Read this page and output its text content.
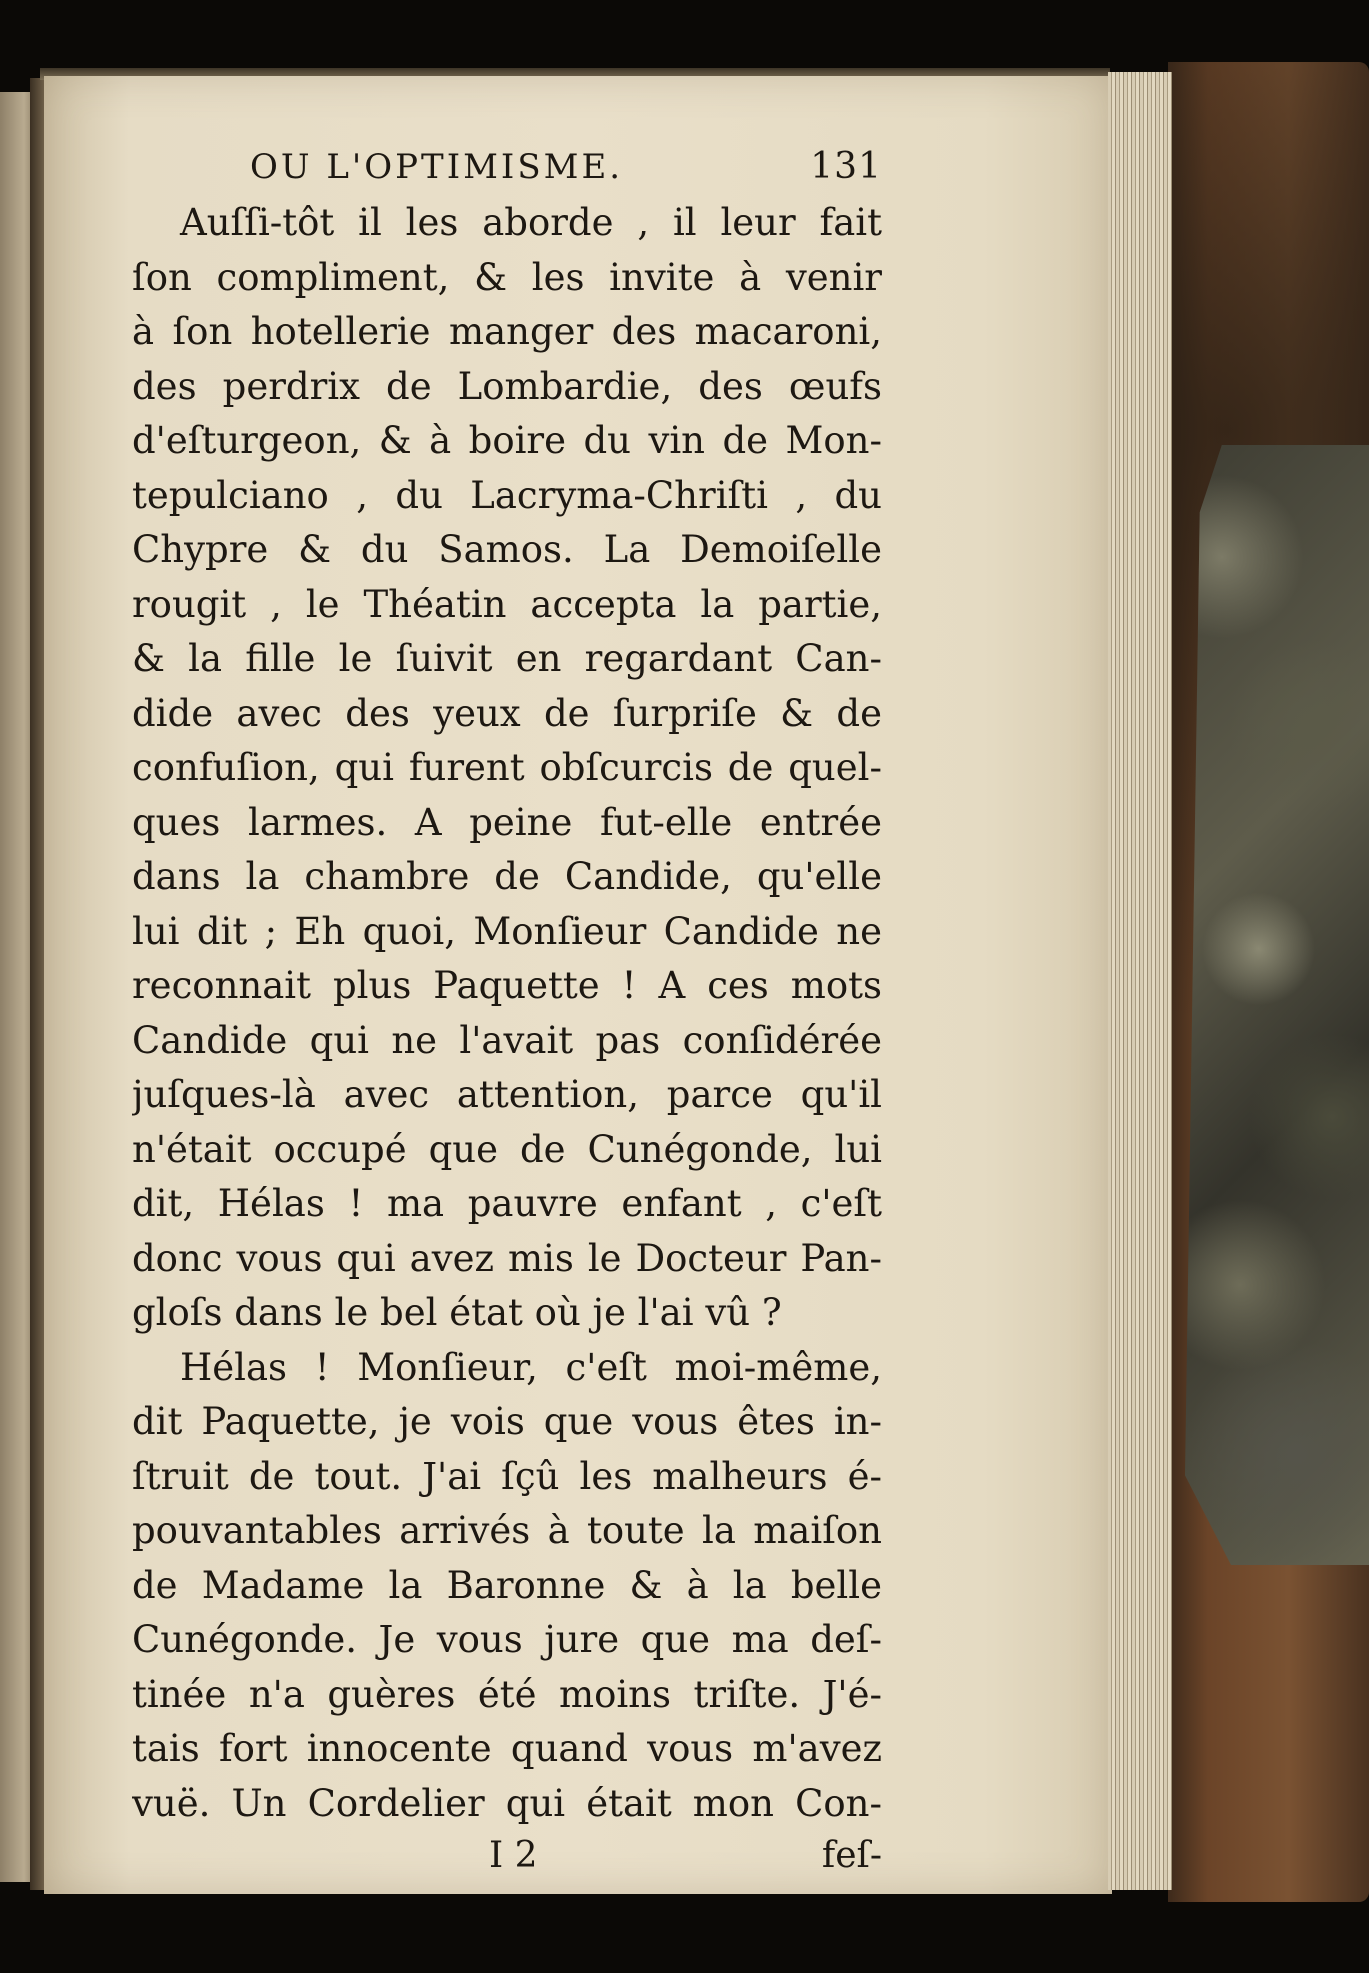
OU L'OPTIMISME.	131
Auſſi-tôt il les aborde , il leur fait
ſon compliment, & les invite à venir
à ſon hotellerie manger des macaroni,
des perdrix de Lombardie, des œufs
d'eſturgeon, & à boire du vin de Mon-
tepulciano , du Lacryma-Chriſti , du
Chypre & du Samos. La Demoiſelle
rougit , le Théatin accepta la partie,
& la fille le ſuivit en regardant Can-
dide avec des yeux de ſurpriſe & de
confuſion, qui furent obſcurcis de quel-
ques larmes. A peine fut-elle entrée
dans la chambre de Candide, qu'elle
lui dit ; Eh quoi, Monſieur Candide ne
reconnait plus Paquette ! A ces mots
Candide qui ne l'avait pas conſidérée
juſques-là avec attention, parce qu'il
n'était occupé que de Cunégonde, lui
dit, Hélas ! ma pauvre enfant , c'eſt
donc vous qui avez mis le Docteur Pan-
gloſs dans le bel état où je l'ai vû ?
Hélas ! Monſieur, c'eſt moi-même,
dit Paquette, je vois que vous êtes in-
ſtruit de tout. J'ai ſçû les malheurs é-
pouvantables arrivés à toute la maiſon
de Madame la Baronne & à la belle
Cunégonde. Je vous jure que ma deſ-
tinée n'a guères été moins triſte. J'é-
tais fort innocente quand vous m'avez
vuë. Un Cordelier qui était mon Con-
I 2	feſ-
